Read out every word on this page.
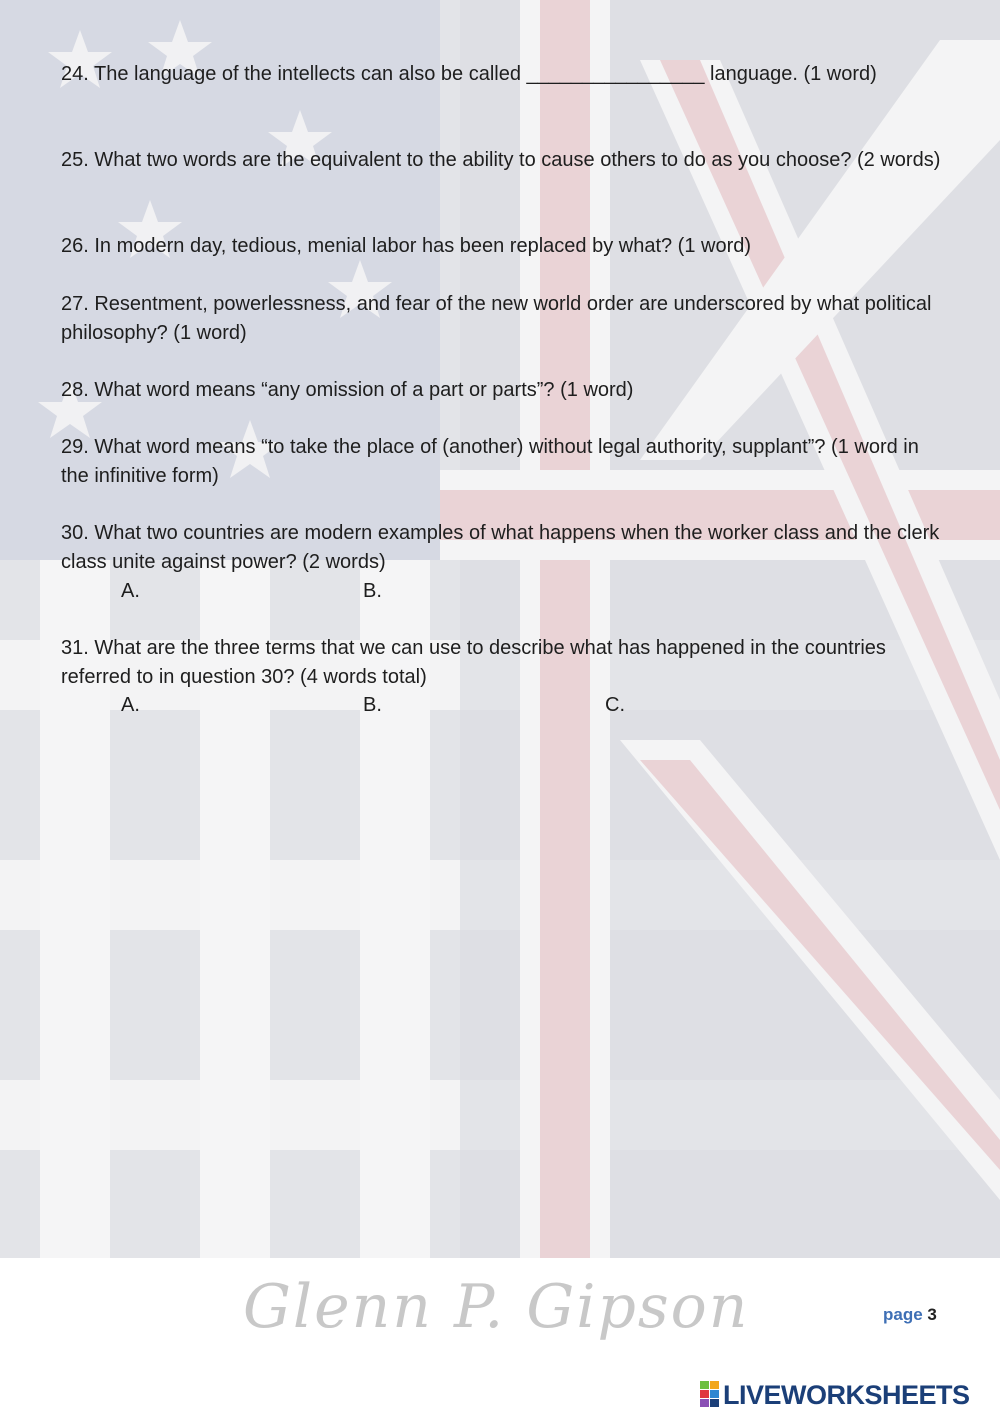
24. The language of the intellects can also be called ________________ language. (1 word)

25. What two words are the equivalent to the ability to cause others to do as you choose? (2 words)

26. In modern day, tedious, menial labor has been replaced by what? (1 word)

27. Resentment, powerlessness, and fear of the new world order are underscored by what political philosophy? (1 word)

28. What word means “any omission of a part or parts”? (1 word)

29. What word means “to take the place of (another) without legal authority, supplant”? (1 word in the infinitive form)

30. What two countries are modern examples of what happens when the worker class and the clerk class unite against power? (2 words)

A.	B.

31. What are the three terms that we can use to describe what has happened in the countries referred to in question 30? (4 words total)

A.	B.	C.

Glenn P. Gipson	page 3

LIVEWORKSHEETS
